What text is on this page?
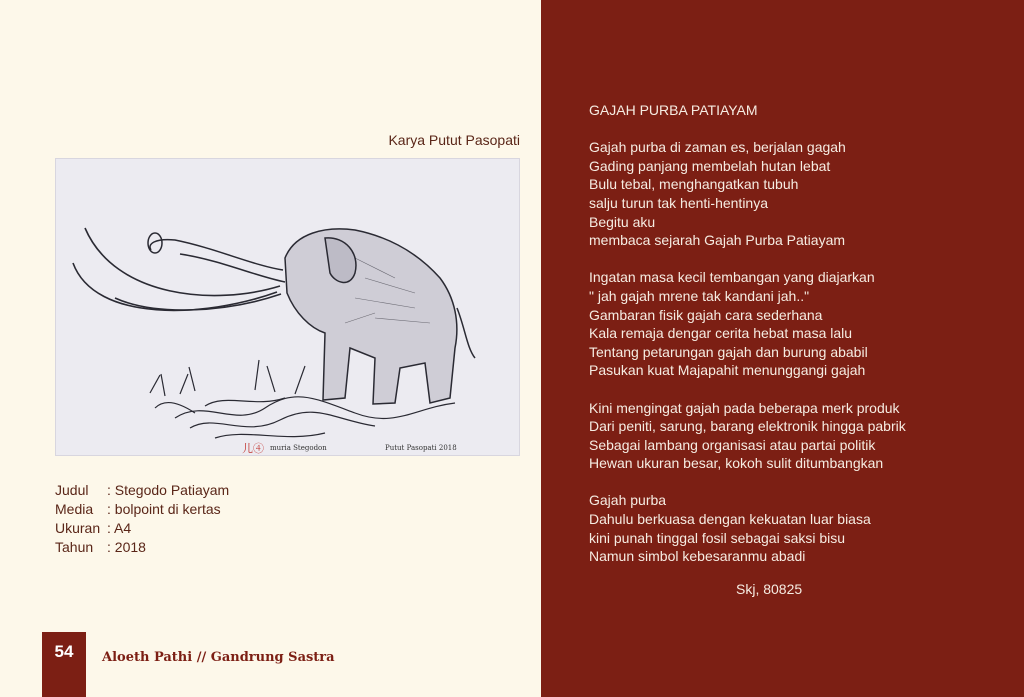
Karya Putut Pasopati
muria Stegodon	Putut Pasopati 2018
儿④
Judul	: Stegodo Patiayam
Media : bolpoint di kertas
Ukuran : A4
Tahun : 2018
54	Aloeth Pathi // Gandrung Sastra
GAJAH PURBA PATIAYAM
Gajah purba di zaman es, berjalan gagah
Gading panjang membelah hutan lebat
Bulu tebal, menghangatkan tubuh
salju turun tak henti-hentinya
Begitu aku
membaca sejarah Gajah Purba Patiayam
Ingatan masa kecil tembangan yang diajarkan
" jah gajah mrene tak kandani jah.."
Gambaran fisik gajah cara sederhana
Kala remaja dengar cerita hebat masa lalu
Tentang petarungan gajah dan burung ababil
Pasukan kuat Majapahit menunggangi gajah
Kini mengingat gajah pada beberapa merk produk
Dari peniti, sarung, barang elektronik hingga pabrik
Sebagai lambang organisasi atau partai politik
Hewan ukuran besar, kokoh sulit ditumbangkan
Gajah purba
Dahulu berkuasa dengan kekuatan luar biasa
kini punah tinggal fosil sebagai saksi bisu
Namun simbol kebesaranmu abadi
Skj, 80825
